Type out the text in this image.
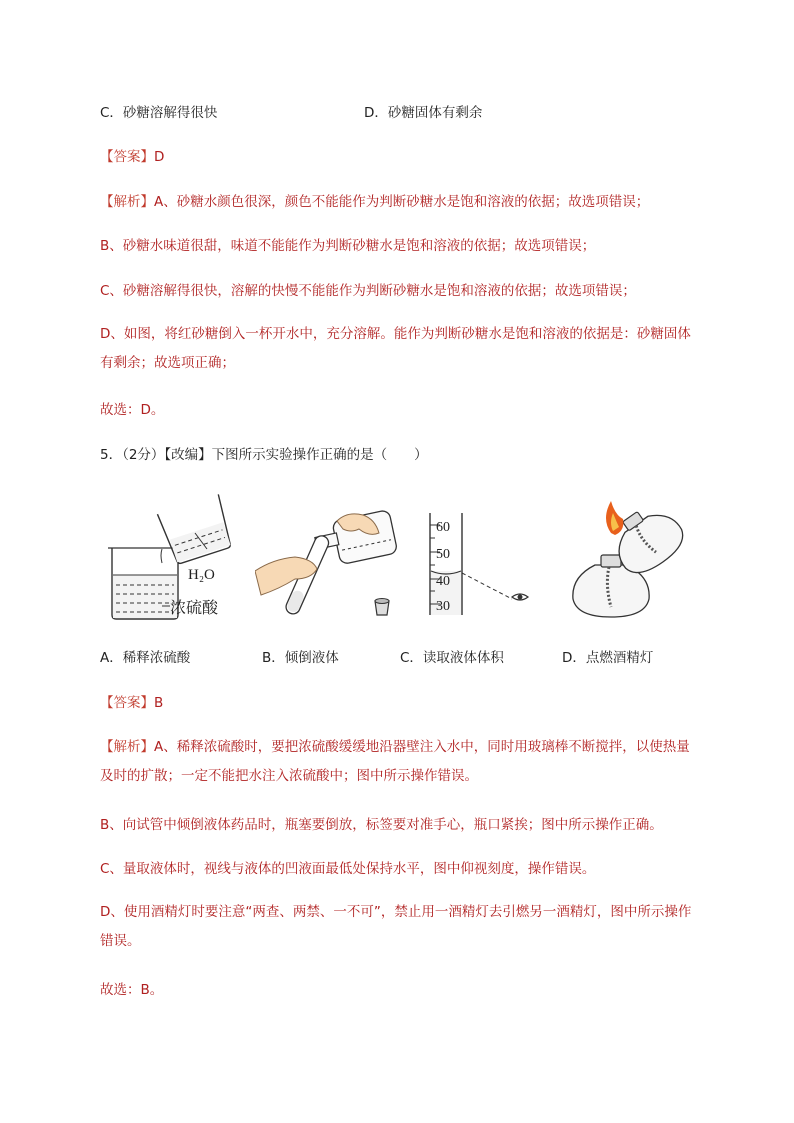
C．砂糖溶解得很快	D．砂糖固体有剩余
【答案】D
【解析】A、砂糖水颜色很深，颜色不能能作为判断砂糖水是饱和溶液的依据；故选项错误；
B、砂糖水味道很甜，味道不能能作为判断砂糖水是饱和溶液的依据；故选项错误；
C、砂糖溶解得很快，溶解的快慢不能能作为判断砂糖水是饱和溶液的依据；故选项错误；
D、如图，将红砂糖倒入一杯开水中，充分溶解。能作为判断砂糖水是饱和溶液的依据是：砂糖固体有剩余；故选项正确；
故选：D。
5．（2分）【改编】下图所示实验操作正确的是（　　）
H₂O
浓硫酸
60
50
40
30
A．稀释浓硫酸	B．倾倒液体	C．读取液体体积	D．点燃酒精灯
【答案】B
【解析】A、稀释浓硫酸时，要把浓硫酸缓缓地沿器壁注入水中，同时用玻璃棒不断搅拌，以使热量及时的扩散；一定不能把水注入浓硫酸中；图中所示操作错误。
B、向试管中倾倒液体药品时，瓶塞要倒放，标签要对准手心，瓶口紧挨；图中所示操作正确。
C、量取液体时，视线与液体的凹液面最低处保持水平，图中仰视刻度，操作错误。
D、使用酒精灯时要注意“两查、两禁、一不可”，禁止用一酒精灯去引燃另一酒精灯，图中所示操作错误。
故选：B。
